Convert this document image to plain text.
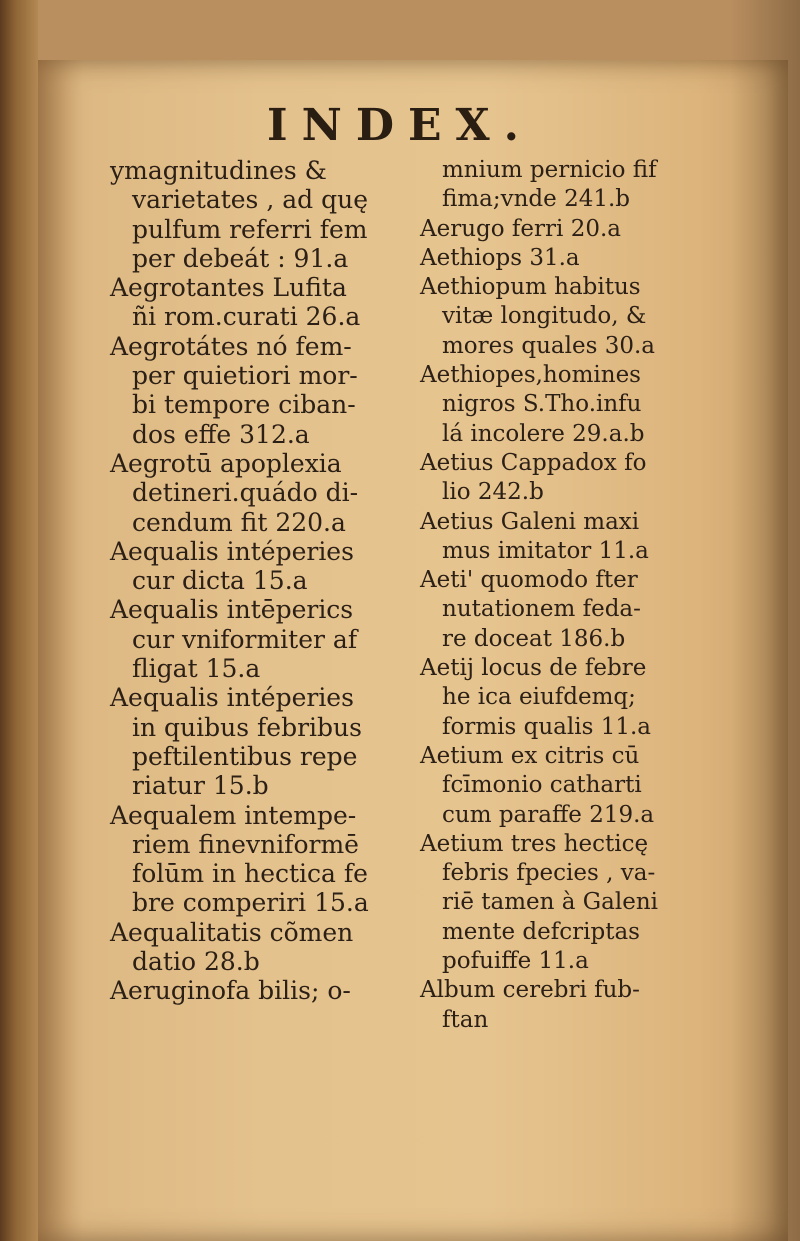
INDEX.
ymagnitudines &
varietates , ad quę
pulfum referri fem
per debeát : 91.a
Aegrotantes Lufita
ñi rom.curati 26.a
Aegrotátes nó fem-
per quietiori mor-
bi tempore ciban-
dos effe 312.a
Aegrotū apoplexia
detineri.quádo di-
cendum fit 220.a
Aequalis intéperies
cur dicta 15.a
Aequalis intēperics
cur vniformiter af
fligat 15.a
Aequalis intéperies
in quibus febribus
peftilentibus repe
riatur 15.b
Aequalem intempe-
riem finevniformē
folūm in hectica fe
bre comperiri 15.a
Aequalitatis cõmen
datio 28.b
Aeruginofa bilis; o-
mnium pernicio fif
fima;vnde 241.b
Aerugo ferri 20.a
Aethiops 31.a
Aethiopum habitus
vitæ longitudo, &
mores quales 30.a
Aethiopes,homines
nigros S.Tho.infu
lá incolere 29.a.b
Aetius Cappadox fo
lio 242.b
Aetius Galeni maxi
mus imitator 11.a
Aeti' quomodo fter
nutationem feda-
re doceat 186.b
Aetij locus de febre
he ica eiufdemq;
formis qualis 11.a
Aetium ex citris cū
fcīmonio catharti
cum paraffe 219.a
Aetium tres hecticę
febris fpecies , va-
riē tamen à Galeni
mente defcriptas
pofuiffe 11.a
Album cerebri fub-
ftan
